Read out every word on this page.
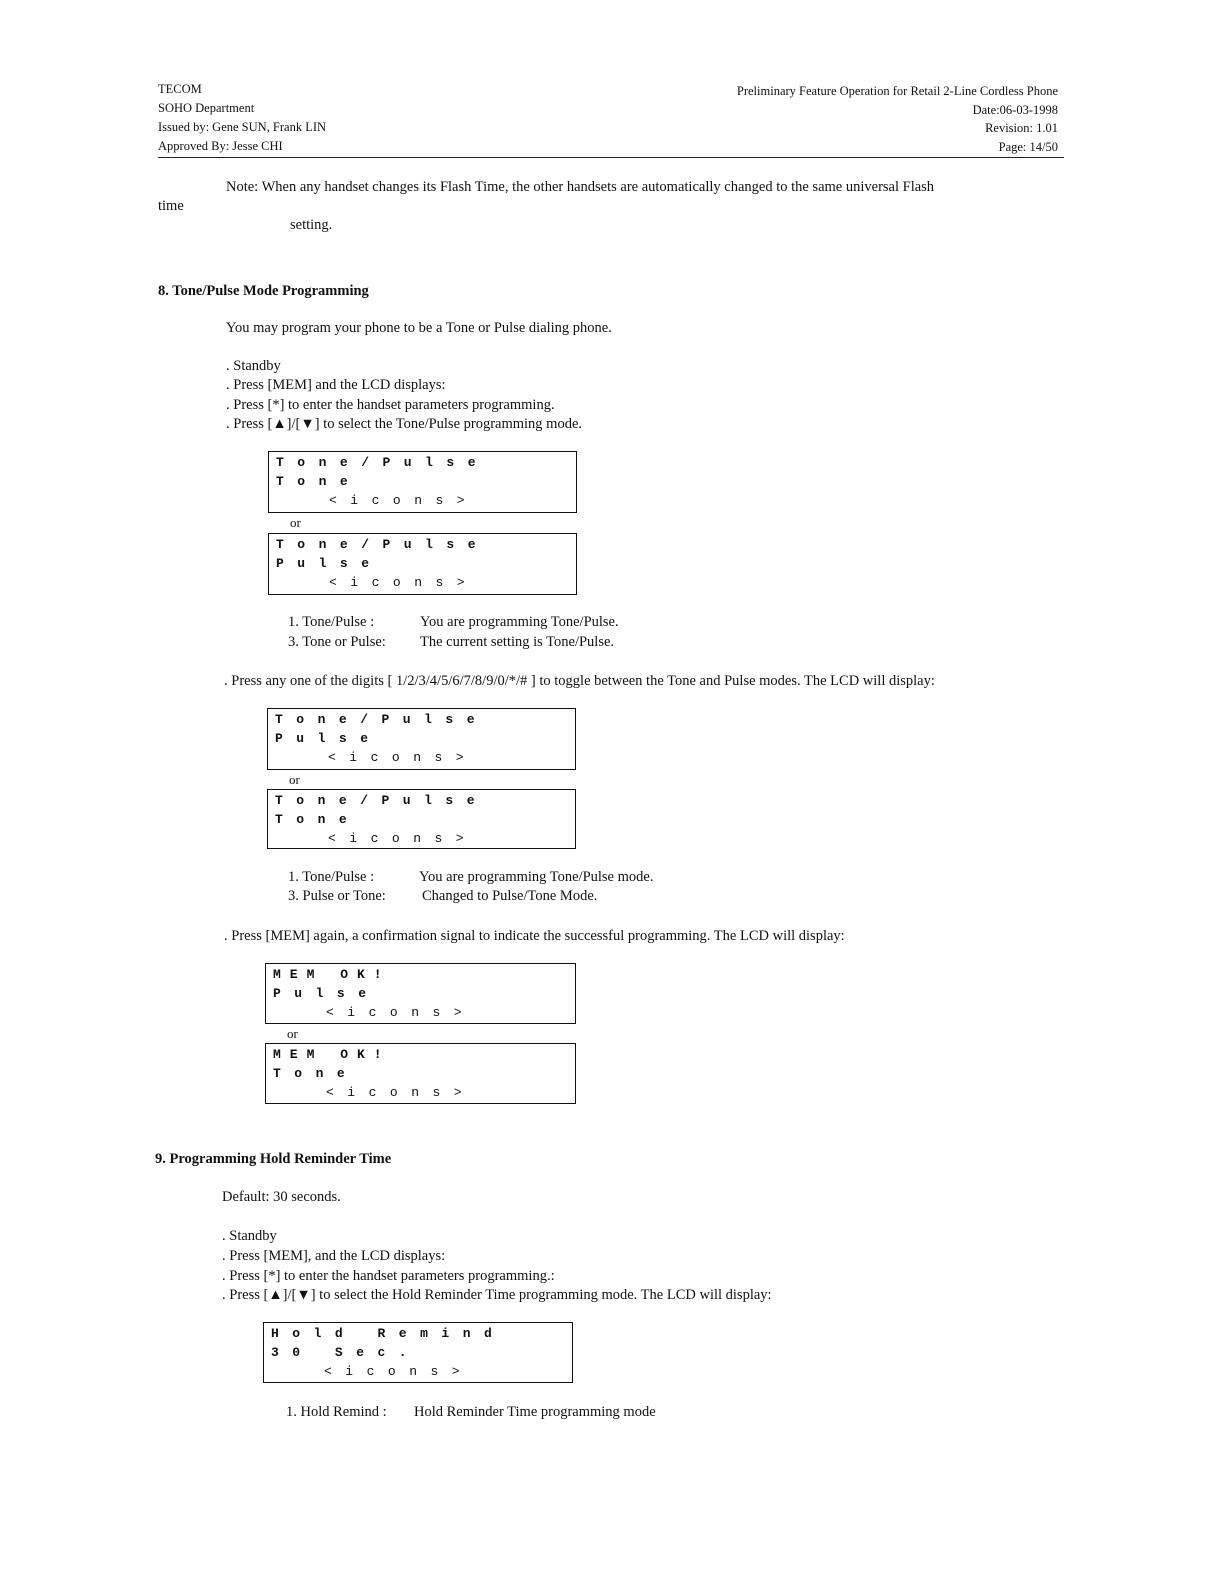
TECOM
SOHO Department
Issued by: Gene SUN, Frank LIN
Approved By: Jesse CHI
Preliminary Feature Operation for Retail 2-Line Cordless Phone
Date:06-03-1998
Revision: 1.01
Page: 14/50
Note: When any handset changes its Flash Time, the other handsets are automatically changed to the same universal Flash
time
setting.
8. Tone/Pulse Mode Programming
You may program your phone to be a Tone or Pulse dialing phone.
. Standby
. Press [MEM] and the LCD displays:
. Press [*] to enter the handset parameters programming.
. Press [▲]/[▼] to select the Tone/Pulse programming mode.
Tone/Pulse
Tone
<icons>
or
Tone/Pulse
Pulse
<icons>
1. Tone/Pulse :	You are programming Tone/Pulse.
3. Tone or Pulse: The current setting is Tone/Pulse.
. Press any one of the digits [ 1/2/3/4/5/6/7/8/9/0/*/# ] to toggle between the Tone and Pulse modes. The LCD will display:
Tone/Pulse
Pulse
<icons>
or
Tone/Pulse
Tone
<icons>
1. Tone/Pulse :	You are programming Tone/Pulse mode.
3. Pulse or Tone: Changed to Pulse/Tone Mode.
. Press [MEM] again, a confirmation signal to indicate the successful programming. The LCD will display:
MEM OK!
Pulse
<icons>
or
MEM OK!
Tone
<icons>
9. Programming Hold Reminder Time
Default: 30 seconds.
. Standby
. Press [MEM], and the LCD displays:
. Press [*] to enter the handset parameters programming.:
. Press [▲]/[▼] to select the Hold Reminder Time programming mode. The LCD will display:
Hold Remind
30 Sec.
<icons>
1. Hold Remind : Hold Reminder Time programming mode
